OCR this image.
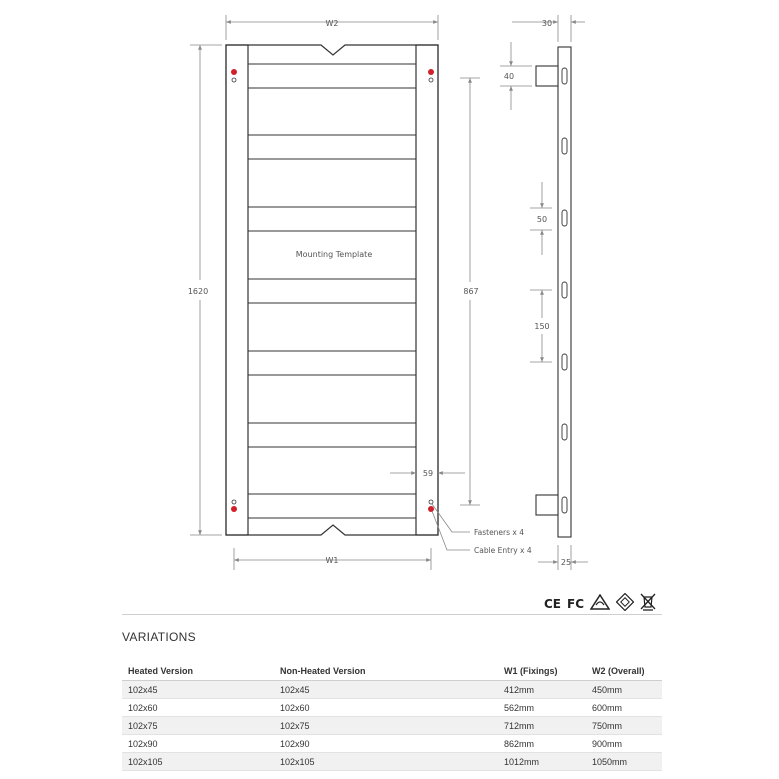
Mounting Template
W2
W1
1620	867
59
Fasteners x 4
Cable Entry x 4
30
40
50
150
25
CE FC
VARIATIONS
Heated Version	Non-Heated Version	W1 (Fixings)	W2 (Overall)
102x45	102x45	412mm	450mm
102x60	102x60	562mm	600mm
102x75	102x75	712mm	750mm
102x90	102x90	862mm	900mm
102x105	102x105	1012mm	1050mm
